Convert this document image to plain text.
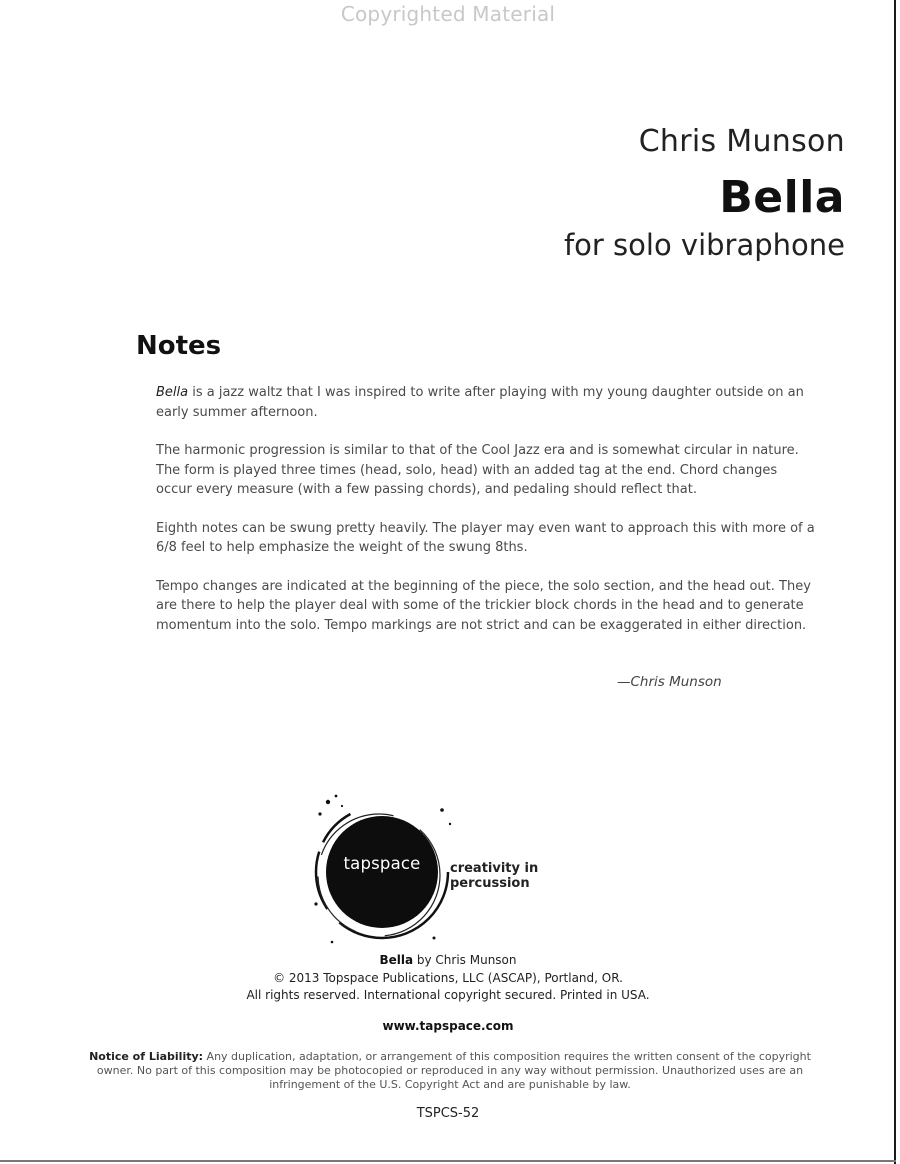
Copyrighted Material
Chris Munson
Bella
for solo vibraphone
Notes

Bella is a jazz waltz that I was inspired to write after playing with my young daughter outside on an early summer afternoon.

The harmonic progression is similar to that of the Cool Jazz era and is somewhat circular in nature. The form is played three times (head, solo, head) with an added tag at the end. Chord changes occur every measure (with a few passing chords), and pedaling should reflect that.

Eighth notes can be swung pretty heavily. The player may even want to approach this with more of a 6/8 feel to help emphasize the weight of the swung 8ths.

Tempo changes are indicated at the beginning of the piece, the solo section, and the head out. They are there to help the player deal with some of the trickier block chords in the head and to generate momentum into the solo. Tempo markings are not strict and can be exaggerated in either direction.

—Chris Munson
tapspace	creativity in percussion
Bella by Chris Munson
© 2013 Topspace Publications, LLC (ASCAP), Portland, OR.
All rights reserved. International copyright secured. Printed in USA.
www.tapspace.com
Notice of Liability: Any duplication, adaptation, or arrangement of this composition requires the written consent of the copyright owner. No part of this composition may be photocopied or reproduced in any way without permission. Unauthorized uses are an infringement of the U.S. Copyright Act and are punishable by law.
TSPCS-52
